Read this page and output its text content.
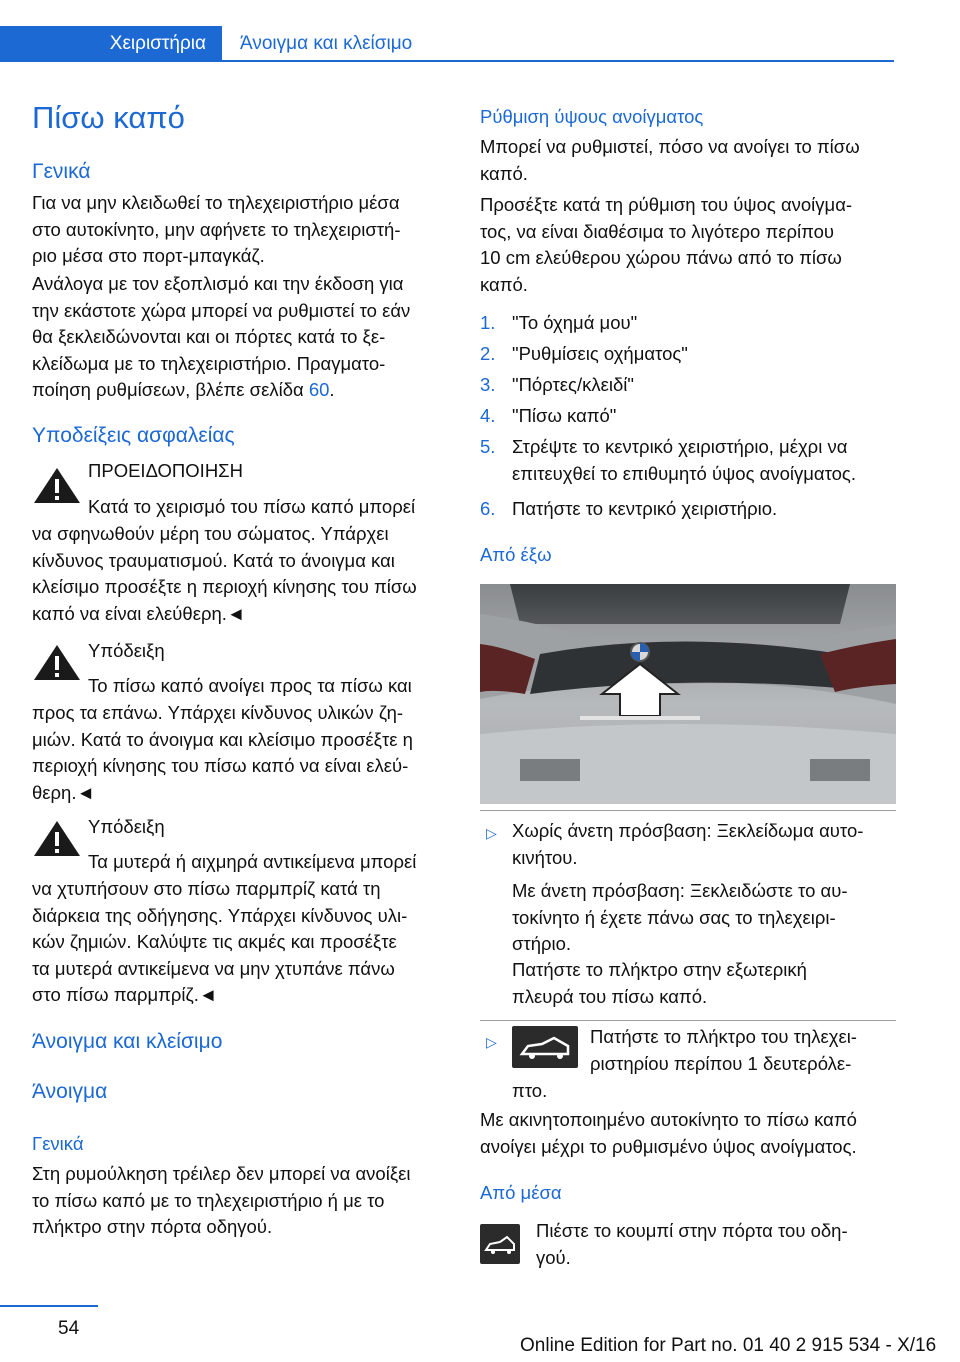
Χειριστήρια	Άνοιγμα και κλείσιμο
Πίσω καπό
Γενικά
Για να μην κλειδωθεί το τηλεχειριστήριο μέσα
στο αυτοκίνητο, μην αφήνετε το τηλεχειριστή‐
ριο μέσα στο πορτ-μπαγκάζ.
Ανάλογα με τον εξοπλισμό και την έκδοση για
την εκάστοτε χώρα μπορεί να ρυθμιστεί το εάν
θα ξεκλειδώνονται και οι πόρτες κατά το ξε‐
κλείδωμα με το τηλεχειριστήριο. Πραγματο‐
ποίηση ρυθμίσεων, βλέπε σελίδα 60.
Υποδείξεις ασφαλείας
ΠΡΟΕΙΔΟΠΟΙΗΣΗ
Κατά το χειρισμό του πίσω καπό μπορεί
να σφηνωθούν μέρη του σώματος. Υπάρχει
κίνδυνος τραυματισμού. Κατά το άνοιγμα και
κλείσιμο προσέξτε η περιοχή κίνησης του πίσω
καπό να είναι ελεύθερη.◄
Υπόδειξη
Το πίσω καπό ανοίγει προς τα πίσω και
προς τα επάνω. Υπάρχει κίνδυνος υλικών ζη‐
μιών. Κατά το άνοιγμα και κλείσιμο προσέξτε η
περιοχή κίνησης του πίσω καπό να είναι ελεύ‐
θερη.◄
Υπόδειξη
Τα μυτερά ή αιχμηρά αντικείμενα μπορεί
να χτυπήσουν στο πίσω παρμπρίζ κατά τη
διάρκεια της οδήγησης. Υπάρχει κίνδυνος υλι‐
κών ζημιών. Καλύψτε τις ακμές και προσέξτε
τα μυτερά αντικείμενα να μην χτυπάνε πάνω
στο πίσω παρμπρίζ.◄
Άνοιγμα και κλείσιμο
Άνοιγμα
Γενικά
Στη ρυμούλκηση τρέιλερ δεν μπορεί να ανοίξει
το πίσω καπό με το τηλεχειριστήριο ή με το
πλήκτρο στην πόρτα οδηγού.
Ρύθμιση ύψους ανοίγματος
Μπορεί να ρυθμιστεί, πόσο να ανοίγει το πίσω
καπό.
Προσέξτε κατά τη ρύθμιση του ύψος ανοίγμα‐
τος, να είναι διαθέσιμα το λιγότερο περίπου
10 cm ελεύθερου χώρου πάνω από το πίσω
καπό.
1. "Το όχημά μου"
2. "Ρυθμίσεις οχήματος"
3. "Πόρτες/κλειδί"
4. "Πίσω καπό"
5. Στρέψτε το κεντρικό χειριστήριο, μέχρι να
επιτευχθεί το επιθυμητό ύψος ανοίγματος.
6. Πατήστε το κεντρικό χειριστήριο.
Από έξω
▷ Χωρίς άνετη πρόσβαση: Ξεκλείδωμα αυτο‐
κινήτου.
Με άνετη πρόσβαση: Ξεκλειδώστε το αυ‐
τοκίνητο ή έχετε πάνω σας το τηλεχειρι‐
στήριο.
Πατήστε το πλήκτρο στην εξωτερική
πλευρά του πίσω καπό.
▷	Πατήστε το πλήκτρο του τηλεχει‐
ριστηρίου περίπου 1 δευτερόλε‐
πτο.
Με ακινητοποιημένο αυτοκίνητο το πίσω καπό
ανοίγει μέχρι το ρυθμισμένο ύψος ανοίγματος.
Από μέσα
Πιέστε το κουμπί στην πόρτα του οδη‐
γού.
54
Online Edition for Part no. 01 40 2 915 534 - X/16
